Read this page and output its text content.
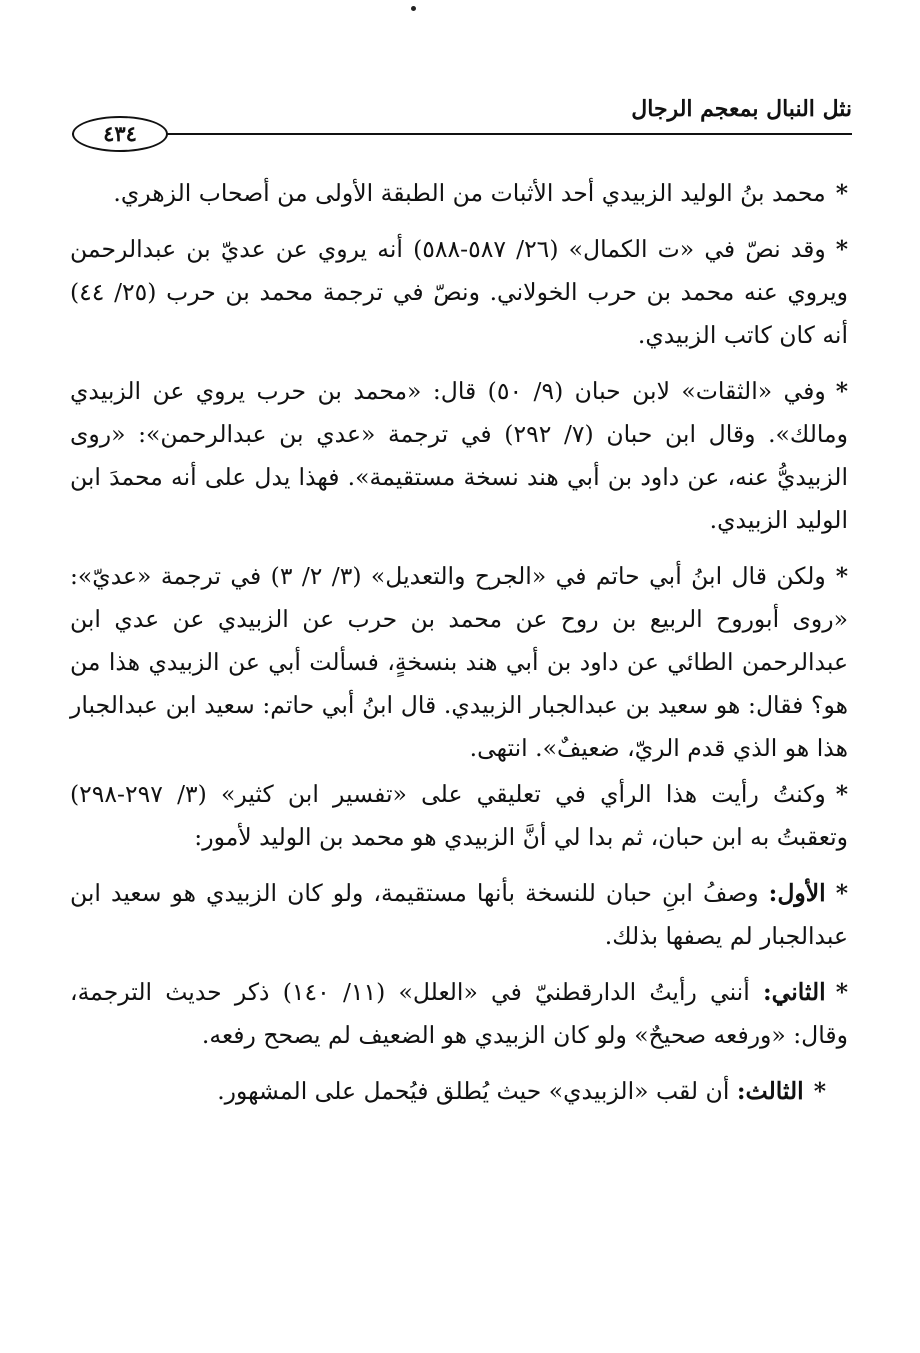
نثل النبال بمعجم الرجال
٤٣٤

*محمد بنُ الوليد الزبيدي أحد الأثبات من الطبقة الأولى من أصحاب الزهري.

*وقد نصّ في «ت الكمال» (٢٦/ ٥٨٧-٥٨٨) أنه يروي عن عديّ بن عبدالرحمن ويروي عنه محمد بن حرب الخولاني. ونصّ في ترجمة محمد بن حرب (٢٥/ ٤٤) أنه كان كاتب الزبيدي.

*وفي «الثقات» لابن حبان (٩/ ٥٠) قال: «محمد بن حرب يروي عن الزبيدي ومالك». وقال ابن حبان (٧/ ٢٩٢) في ترجمة «عدي بن عبدالرحمن»: «روى الزبيديُّ عنه، عن داود بن أبي هند نسخة مستقيمة». فهذا يدل على أنه محمدَ ابن الوليد الزبيدي.

*ولكن قال ابنُ أبي حاتم في «الجرح والتعديل» (٣/ ٢/ ٣) في ترجمة «عديّ»: «روى أبوروح الربيع بن روح عن محمد بن حرب عن الزبيدي عن عدي ابن عبدالرحمن الطائي عن داود بن أبي هند بنسخةٍ، فسألت أبي عن الزبيدي هذا من هو؟ فقال: هو سعيد بن عبدالجبار الزبيدي. قال ابنُ أبي حاتم: سعيد ابن عبدالجبار هذا هو الذي قدم الريّ، ضعيفٌ». انتهى.

*وكنتُ رأيت هذا الرأي في تعليقي على «تفسير ابن كثير» (٣/ ٢٩٧-٢٩٨) وتعقبتُ به ابن حبان، ثم بدا لي أنَّ الزبيدي هو محمد بن الوليد لأمور:

*الأول: وصفُ ابنِ حبان للنسخة بأنها مستقيمة، ولو كان الزبيدي هو سعيد ابن عبدالجبار لم يصفها بذلك.

*الثاني: أنني رأيتُ الدارقطنيّ في «العلل» (١١/ ١٤٠) ذكر حديث الترجمة، وقال: «ورفعه صحيحٌ» ولو كان الزبيدي هو الضعيف لم يصحح رفعه.

*الثالث: أن لقب «الزبيدي» حيث يُطلق فيُحمل على المشهور.
